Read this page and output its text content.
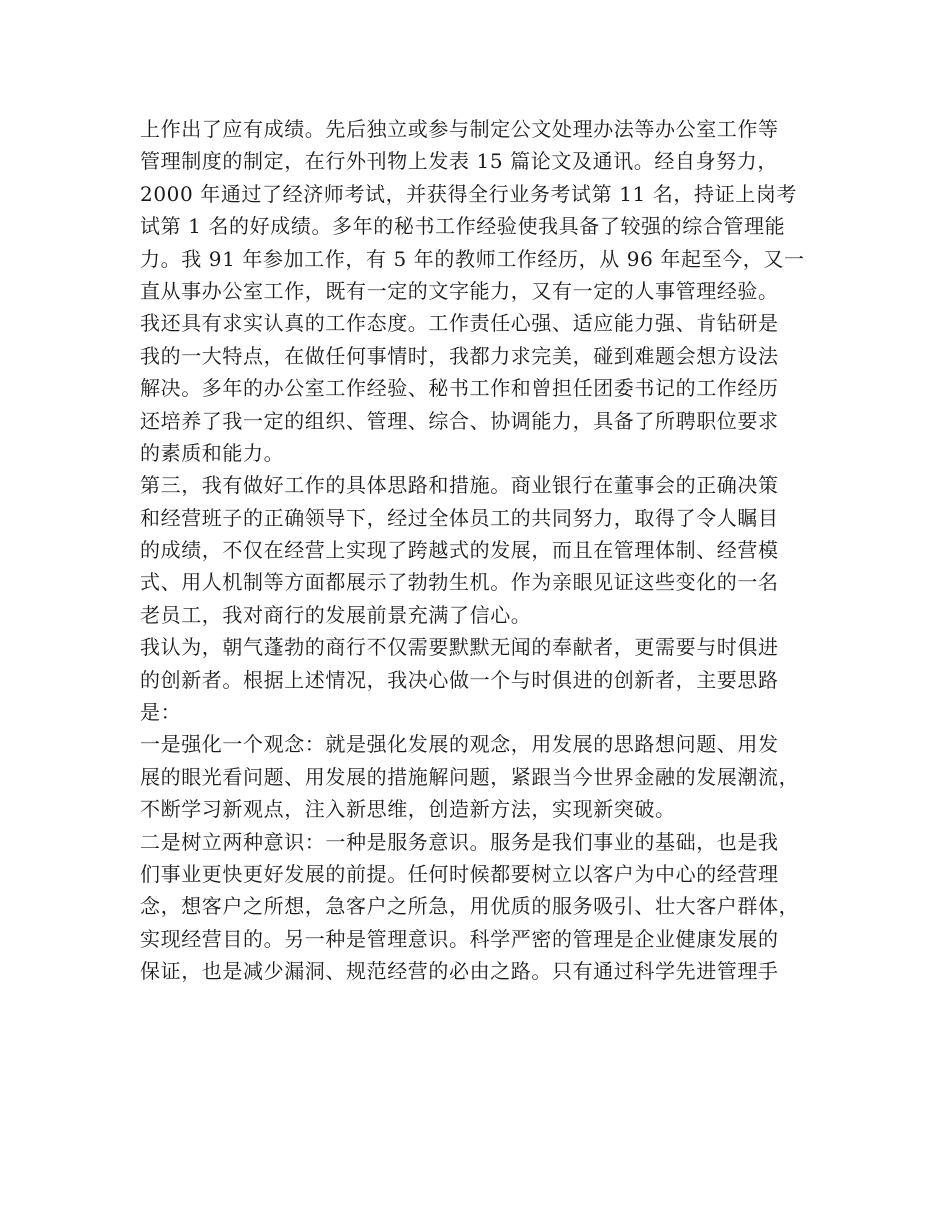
上作出了应有成绩。先后独立或参与制定公文处理办法等办公室工作等
管理制度的制定，在行外刊物上发表 15 篇论文及通讯。经自身努力，
2000 年通过了经济师考试，并获得全行业务考试第 11 名，持证上岗考
试第 1 名的好成绩。多年的秘书工作经验使我具备了较强的综合管理能
力。我 91 年参加工作，有 5 年的教师工作经历，从 96 年起至今，又一
直从事办公室工作，既有一定的文字能力，又有一定的人事管理经验。
我还具有求实认真的工作态度。工作责任心强、适应能力强、肯钻研是
我的一大特点，在做任何事情时，我都力求完美，碰到难题会想方设法
解决。多年的办公室工作经验、秘书工作和曾担任团委书记的工作经历
还培养了我一定的组织、管理、综合、协调能力，具备了所聘职位要求
的素质和能力。
第三，我有做好工作的具体思路和措施。商业银行在董事会的正确决策
和经营班子的正确领导下，经过全体员工的共同努力，取得了令人瞩目
的成绩，不仅在经营上实现了跨越式的发展，而且在管理体制、经营模
式、用人机制等方面都展示了勃勃生机。作为亲眼见证这些变化的一名
老员工，我对商行的发展前景充满了信心。
我认为，朝气蓬勃的商行不仅需要默默无闻的奉献者，更需要与时俱进
的创新者。根据上述情况，我决心做一个与时俱进的创新者，主要思路
是：
一是强化一个观念：就是强化发展的观念，用发展的思路想问题、用发
展的眼光看问题、用发展的措施解问题，紧跟当今世界金融的发展潮流，
不断学习新观点，注入新思维，创造新方法，实现新突破。
二是树立两种意识：一种是服务意识。服务是我们事业的基础，也是我
们事业更快更好发展的前提。任何时候都要树立以客户为中心的经营理
念，想客户之所想，急客户之所急，用优质的服务吸引、壮大客户群体，
实现经营目的。另一种是管理意识。科学严密的管理是企业健康发展的
保证，也是减少漏洞、规范经营的必由之路。只有通过科学先进管理手
